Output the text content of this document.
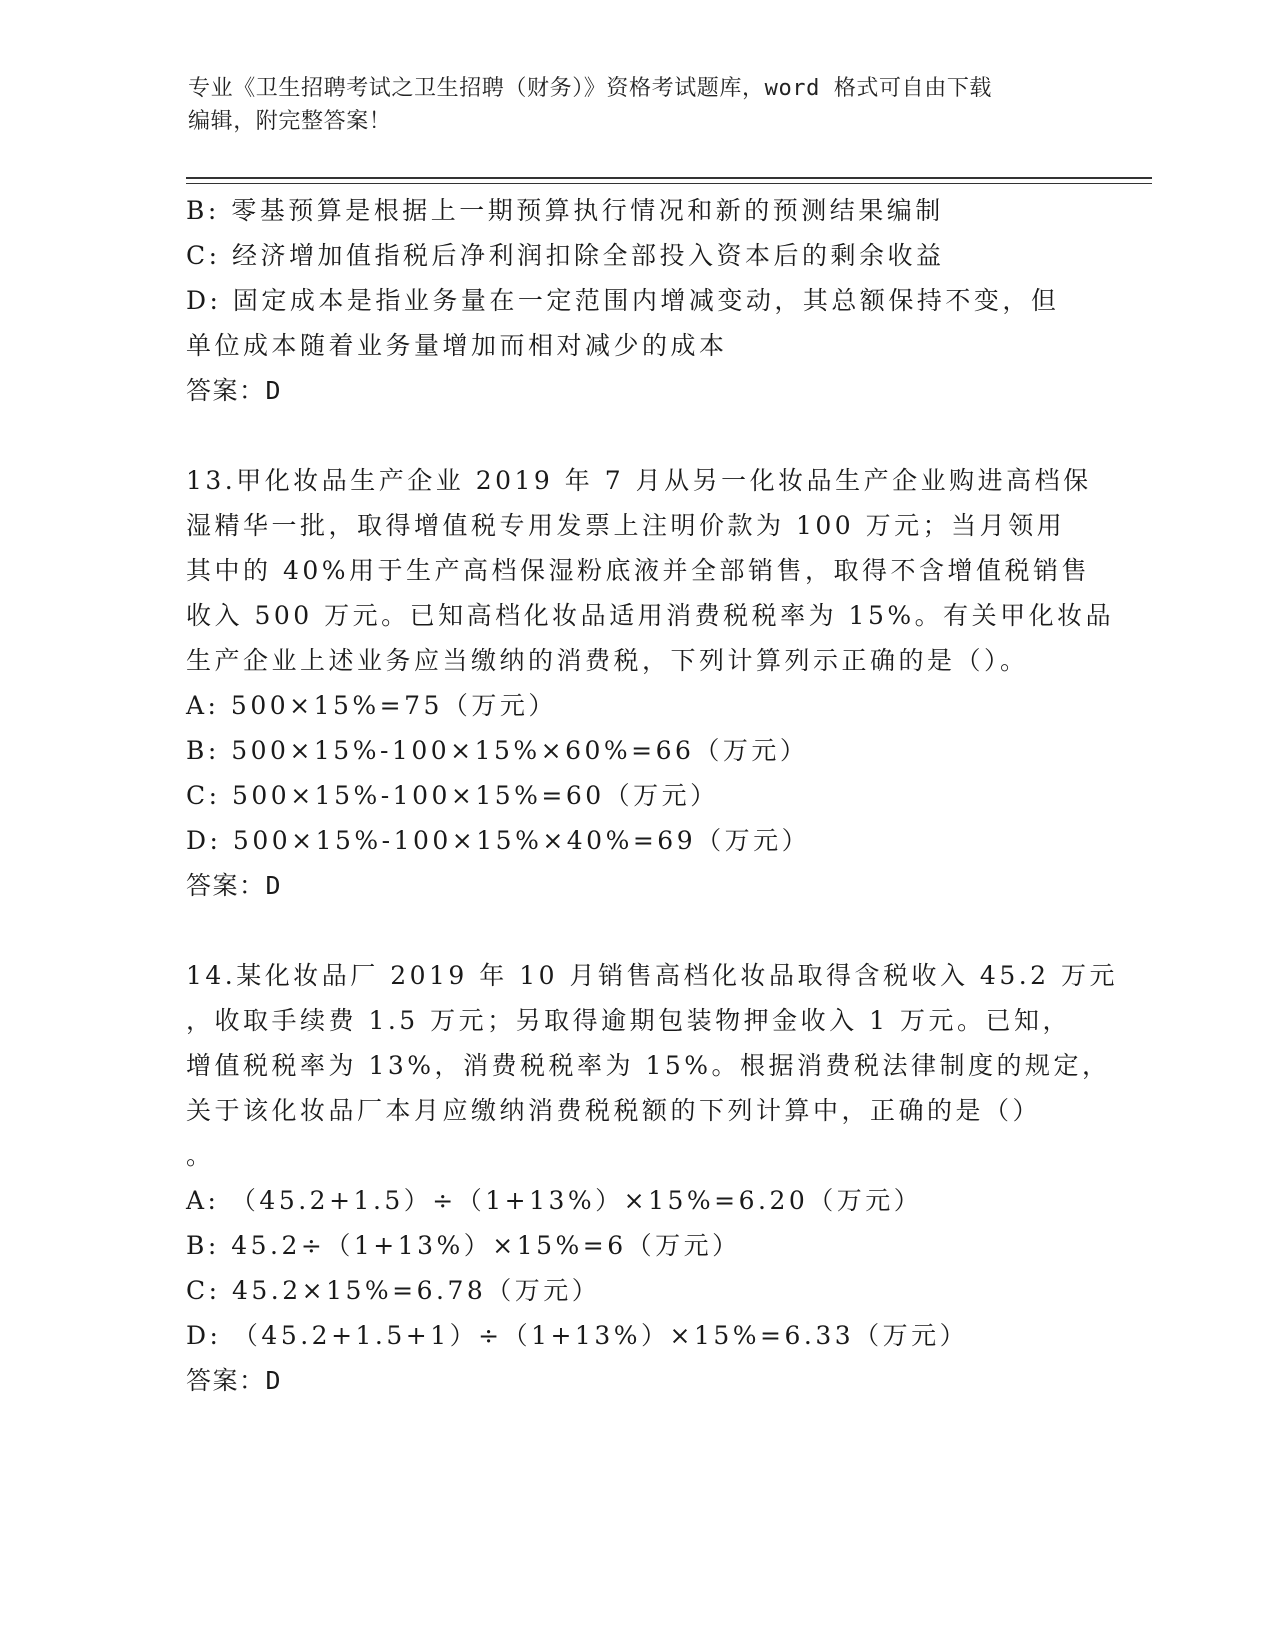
专业《卫生招聘考试之卫生招聘（财务）》资格考试题库，word 格式可自由下载
编辑，附完整答案！
B: 零基预算是根据上一期预算执行情况和新的预测结果编制
C: 经济增加值指税后净利润扣除全部投入资本后的剩余收益
D: 固定成本是指业务量在一定范围内增减变动，其总额保持不变，但
单位成本随着业务量增加而相对减少的成本
答案：D
13.甲化妆品生产企业 2019 年 7 月从另一化妆品生产企业购进高档保
湿精华一批，取得增值税专用发票上注明价款为 100 万元；当月领用
其中的 40%用于生产高档保湿粉底液并全部销售，取得不含增值税销售
收入 500 万元。已知高档化妆品适用消费税税率为 15%。有关甲化妆品
生产企业上述业务应当缴纳的消费税，下列计算列示正确的是（）。
A: 500×15%=75（万元）
B: 500×15%-100×15%×60%=66（万元）
C: 500×15%-100×15%=60（万元）
D: 500×15%-100×15%×40%=69（万元）
答案：D
14.某化妆品厂 2019 年 10 月销售高档化妆品取得含税收入 45.2 万元
，收取手续费 1.5 万元；另取得逾期包装物押金收入 1 万元。已知，
增值税税率为 13%，消费税税率为 15%。根据消费税法律制度的规定，
关于该化妆品厂本月应缴纳消费税税额的下列计算中，正确的是（）
。
A: （45.2+1.5）÷（1+13%）×15%=6.20（万元）
B: 45.2÷（1+13%）×15%=6（万元）
C: 45.2×15%=6.78（万元）
D: （45.2+1.5+1）÷（1+13%）×15%=6.33（万元）
答案：D
